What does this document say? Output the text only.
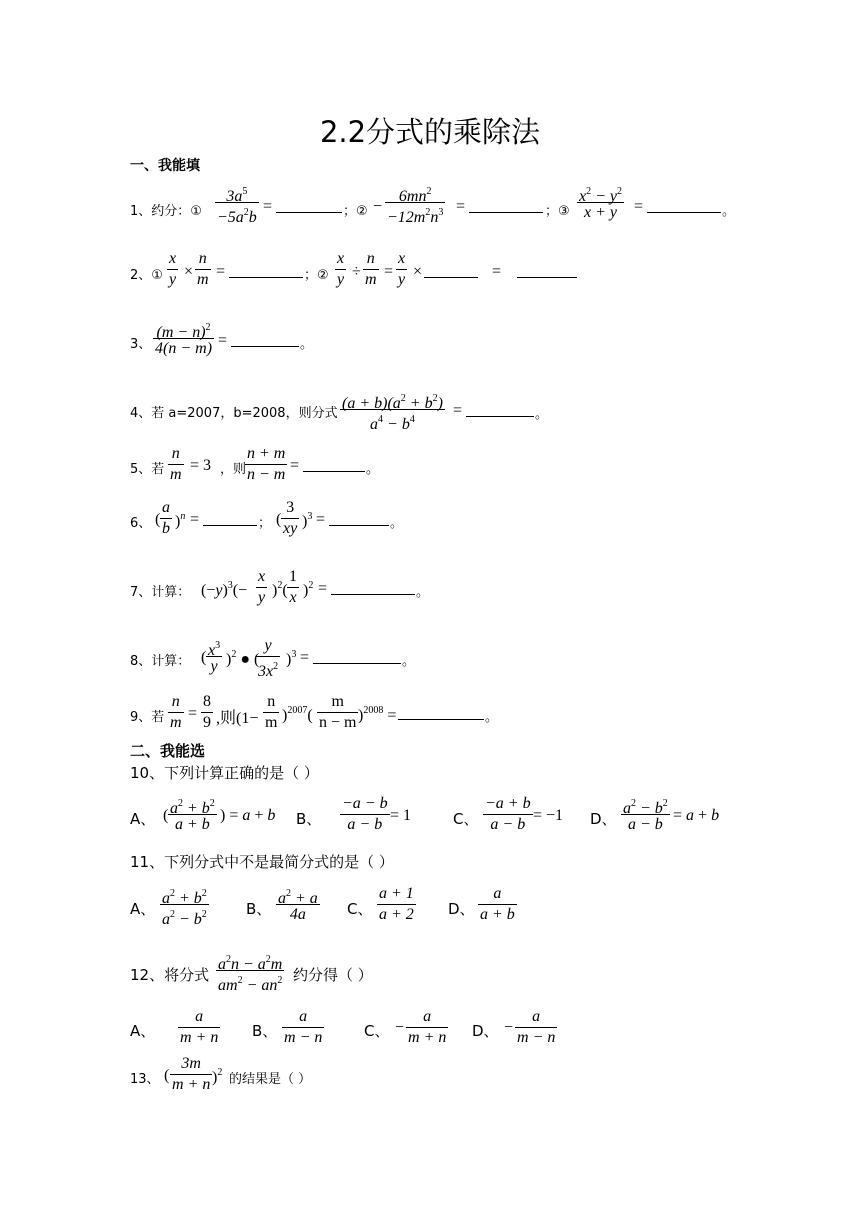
2.2分式的乘除法
一、我能填
1、约分：① $\frac{3a^5}{-5a^2b}$ =	；② − $\frac{6mn^2}{-12m^2n^3}$ =	；③ $\frac{x^2 - y^2}{x + y}$ =	。
2、① $\frac{x}{y} \times \frac{n}{m}$ =	；② $\frac{x}{y} \div \frac{n}{m} = \frac{x}{y}$ ×	=
3、 $\frac{(m - n)^2}{4(n - m)}$ =	。
4、若 a=2007，b=2008，则分式 $\frac{(a + b)(a^2 + b^2)}{a^4 - b^4}$ =	。
5、若 $\frac{n}{m} = 3$ ，则
$\frac{n + m}{n - m}$ =	。
6、 ( $\frac{a}{b} )^n$ =	； ( $\frac{3}{xy} )^3$ =	。
7、计算： $(-y)^3(- \frac{x}{y} )^2( \frac{1}{x} )^2$ =	。
8、计算： ( $\frac{x^3}{y} )^2$ ● (
$\frac{y}{3x^2} )^3$ =	。
9、若 $\frac{n}{m} = \frac{8}{9}$ ,则$(1- \frac{n}{m} )^{2007}( \frac{m}{n - m} )^{2008}$ =	。
二、我能选
10、下列计算正确的是（ ）
A、 ( $\frac{a^2 + b^2}{a + b}$ ) = a + b B、 $\frac{-a - b}{a - b} = 1$	C、 $\frac{-a + b}{a - b} = -1$ D、 $\frac{a^2 - b^2}{a - b} = a + b$
11、下列分式中不是最简分式的是（ ）
A、 $\frac{a^2 + b^2}{a^2 - b^2}$ B、 $\frac{a^2 + a}{4a}$ C、 $\frac{a + 1}{a + 2}$ D、 $\frac{a}{a + b}$
12、将分式 $\frac{a^2n - a^2m}{am^2 - an^2}$ 约分得（ ）
A、 $\frac{a}{m + n}$ B、 $\frac{a}{m - n}$	C、 − $\frac{a}{m + n}$ D、 − $\frac{a}{m - n}$
13、 ( $\frac{3m}{m + n} )^2$ 的结果是（ ）
